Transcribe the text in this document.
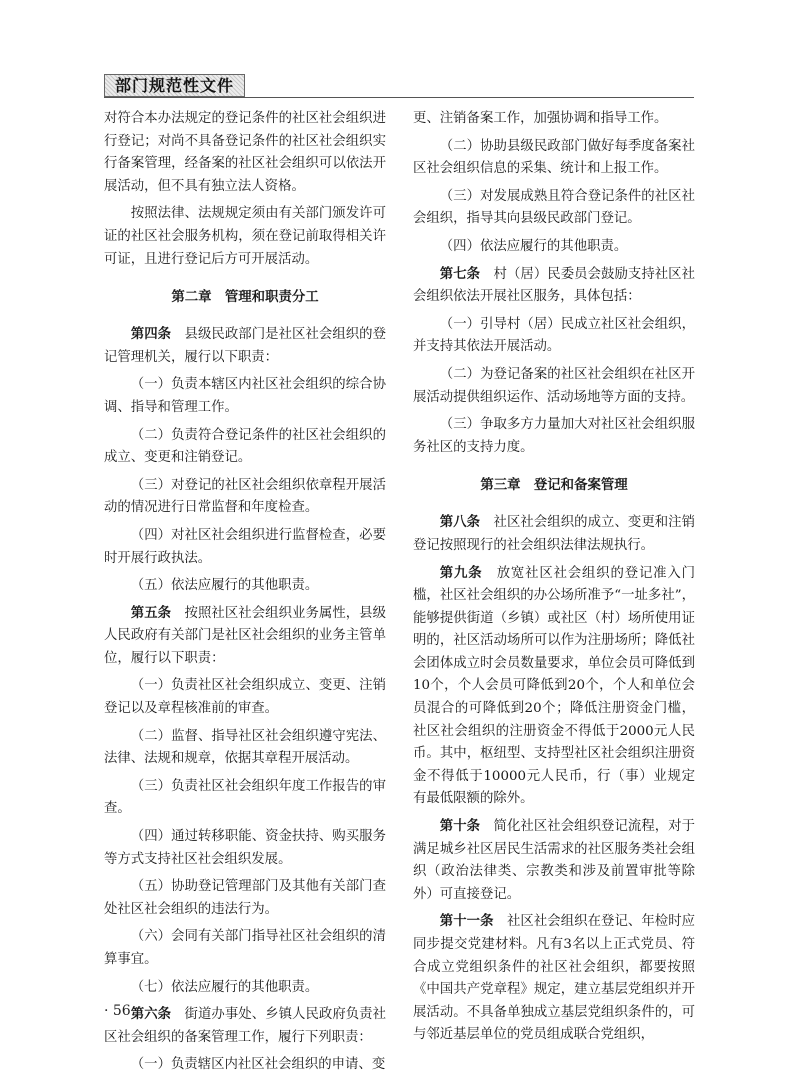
部门规范性文件

对符合本办法规定的登记条件的社区社会组织进行登记；对尚不具备登记条件的社区社会组织实行备案管理，经备案的社区社会组织可以依法开展活动，但不具有独立法人资格。

按照法律、法规规定须由有关部门颁发许可证的社区社会服务机构，须在登记前取得相关许可证，且进行登记后方可开展活动。

第二章　管理和职责分工

第四条　县级民政部门是社区社会组织的登记管理机关，履行以下职责：

（一）负责本辖区内社区社会组织的综合协调、指导和管理工作。

（二）负责符合登记条件的社区社会组织的成立、变更和注销登记。

（三）对登记的社区社会组织依章程开展活动的情况进行日常监督和年度检查。

（四）对社区社会组织进行监督检查，必要时开展行政执法。

（五）依法应履行的其他职责。

第五条　按照社区社会组织业务属性，县级人民政府有关部门是社区社会组织的业务主管单位，履行以下职责：

（一）负责社区社会组织成立、变更、注销登记以及章程核准前的审查。

（二）监督、指导社区社会组织遵守宪法、法律、法规和规章，依据其章程开展活动。

（三）负责社区社会组织年度工作报告的审查。

（四）通过转移职能、资金扶持、购买服务等方式支持社区社会组织发展。

（五）协助登记管理部门及其他有关部门查处社区社会组织的违法行为。

（六）会同有关部门指导社区社会组织的清算事宜。

（七）依法应履行的其他职责。

第六条　街道办事处、乡镇人民政府负责社区社会组织的备案管理工作，履行下列职责：

（一）负责辖区内社区社会组织的申请、变

更、注销备案工作，加强协调和指导工作。

（二）协助县级民政部门做好每季度备案社区社会组织信息的采集、统计和上报工作。

（三）对发展成熟且符合登记条件的社区社会组织，指导其向县级民政部门登记。

（四）依法应履行的其他职责。

第七条　村（居）民委员会鼓励支持社区社会组织依法开展社区服务，具体包括：

（一）引导村（居）民成立社区社会组织，并支持其依法开展活动。

（二）为登记备案的社区社会组织在社区开展活动提供组织运作、活动场地等方面的支持。

（三）争取多方力量加大对社区社会组织服务社区的支持力度。

第三章　登记和备案管理

第八条　社区社会组织的成立、变更和注销登记按照现行的社会组织法律法规执行。

第九条　放宽社区社会组织的登记准入门槛，社区社会组织的办公场所准予“一址多社”，能够提供街道（乡镇）或社区（村）场所使用证明的，社区活动场所可以作为注册场所；降低社会团体成立时会员数量要求，单位会员可降低到10个，个人会员可降低到20个，个人和单位会员混合的可降低到20个；降低注册资金门槛，社区社会组织的注册资金不得低于2000元人民币。其中，枢纽型、支持型社区社会组织注册资金不得低于10000元人民币，行（事）业规定有最低限额的除外。

第十条　简化社区社会组织登记流程，对于满足城乡社区居民生活需求的社区服务类社会组织（政治法律类、宗教类和涉及前置审批等除外）可直接登记。

第十一条　社区社会组织在登记、年检时应同步提交党建材料。凡有3名以上正式党员、符合成立党组织条件的社区社会组织，都要按照《中国共产党章程》规定，建立基层党组织并开展活动。不具备单独成立基层党组织条件的，可与邻近基层单位的党员组成联合党组织，

· 56 ·
